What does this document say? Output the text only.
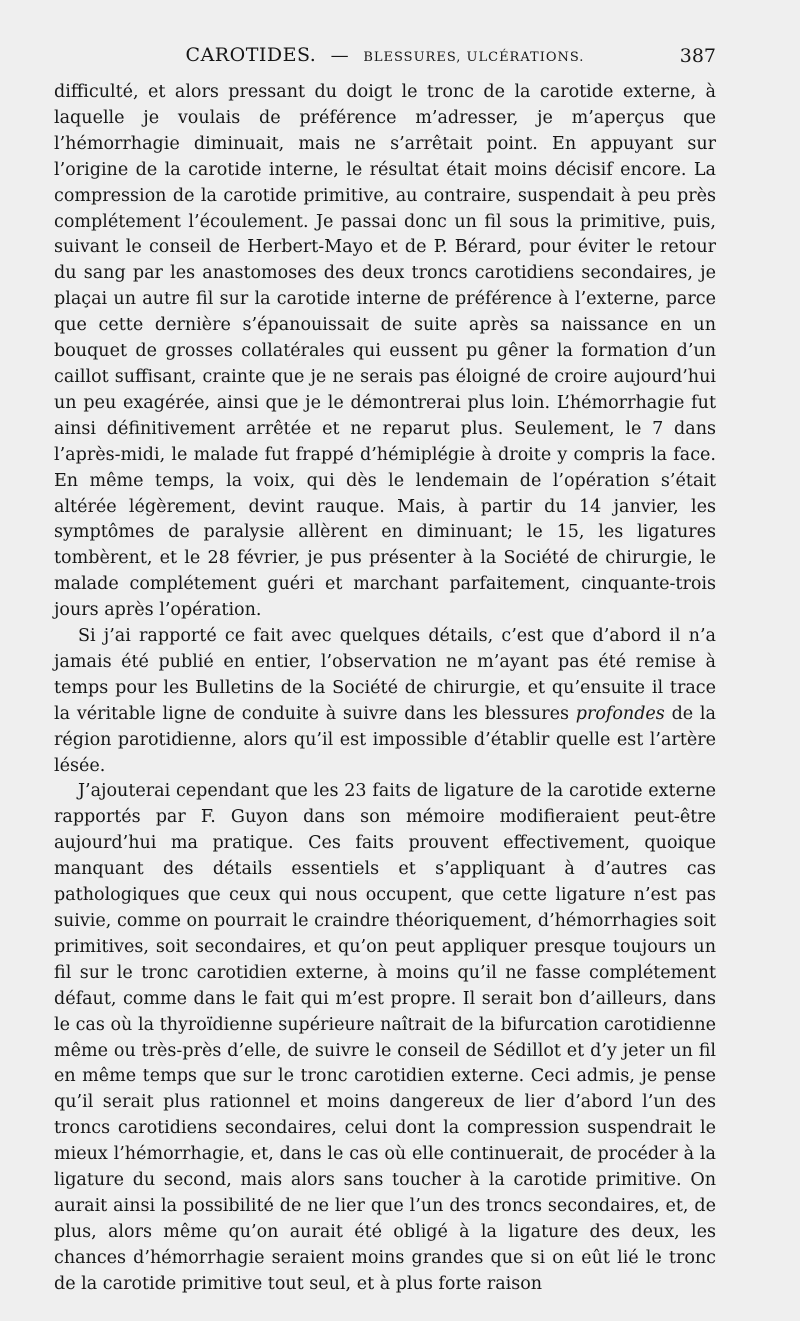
CAROTIDES. — BLESSURES, ULCÉRATIONS.	387

difficulté, et alors pressant du doigt le tronc de la carotide externe, à laquelle je voulais de préférence m’adresser, je m’aperçus que l’hémorrhagie diminuait, mais ne s’arrêtait point. En appuyant sur l’origine de la carotide interne, le résultat était moins décisif encore. La compression de la carotide primitive, au contraire, suspendait à peu près complétement l’écoulement. Je passai donc un fil sous la primitive, puis, suivant le conseil de Herbert-Mayo et de P. Bérard, pour éviter le retour du sang par les anastomoses des deux troncs carotidiens secondaires, je plaçai un autre fil sur la carotide interne de préférence à l’externe, parce que cette dernière s’épanouissait de suite après sa naissance en un bouquet de grosses collatérales qui eussent pu gêner la formation d’un caillot suffisant, crainte que je ne serais pas éloigné de croire aujourd’hui un peu exagérée, ainsi que je le démontrerai plus loin. L’hémorrhagie fut ainsi définitivement arrêtée et ne reparut plus. Seulement, le 7 dans l’après-midi, le malade fut frappé d’hémiplégie à droite y compris la face. En même temps, la voix, qui dès le lendemain de l’opération s’était altérée légèrement, devint rauque. Mais, à partir du 14 janvier, les symptômes de paralysie allèrent en diminuant; le 15, les ligatures tombèrent, et le 28 février, je pus présenter à la Société de chirurgie, le malade complétement guéri et marchant parfaitement, cinquante-trois jours après l’opération.

Si j’ai rapporté ce fait avec quelques détails, c’est que d’abord il n’a jamais été publié en entier, l’observation ne m’ayant pas été remise à temps pour les Bulletins de la Société de chirurgie, et qu’ensuite il trace la véritable ligne de conduite à suivre dans les blessures profondes de la région parotidienne, alors qu’il est impossible d’établir quelle est l’artère lésée.

J’ajouterai cependant que les 23 faits de ligature de la carotide externe rapportés par F. Guyon dans son mémoire modifieraient peut-être aujourd’hui ma pratique. Ces faits prouvent effectivement, quoique manquant des détails essentiels et s’appliquant à d’autres cas pathologiques que ceux qui nous occupent, que cette ligature n’est pas suivie, comme on pourrait le craindre théoriquement, d’hémorrhagies soit primitives, soit secondaires, et qu’on peut appliquer presque toujours un fil sur le tronc carotidien externe, à moins qu’il ne fasse complétement défaut, comme dans le fait qui m’est propre. Il serait bon d’ailleurs, dans le cas où la thyroïdienne supérieure naîtrait de la bifurcation carotidienne même ou très-près d’elle, de suivre le conseil de Sédillot et d’y jeter un fil en même temps que sur le tronc carotidien externe. Ceci admis, je pense qu’il serait plus rationnel et moins dangereux de lier d’abord l’un des troncs carotidiens secondaires, celui dont la compression suspendrait le mieux l’hémorrhagie, et, dans le cas où elle continuerait, de procéder à la ligature du second, mais alors sans toucher à la carotide primitive. On aurait ainsi la possibilité de ne lier que l’un des troncs secondaires, et, de plus, alors même qu’on aurait été obligé à la ligature des deux, les chances d’hémorrhagie seraient moins grandes que si on eût lié le tronc de la carotide primitive tout seul, et à plus forte raison
